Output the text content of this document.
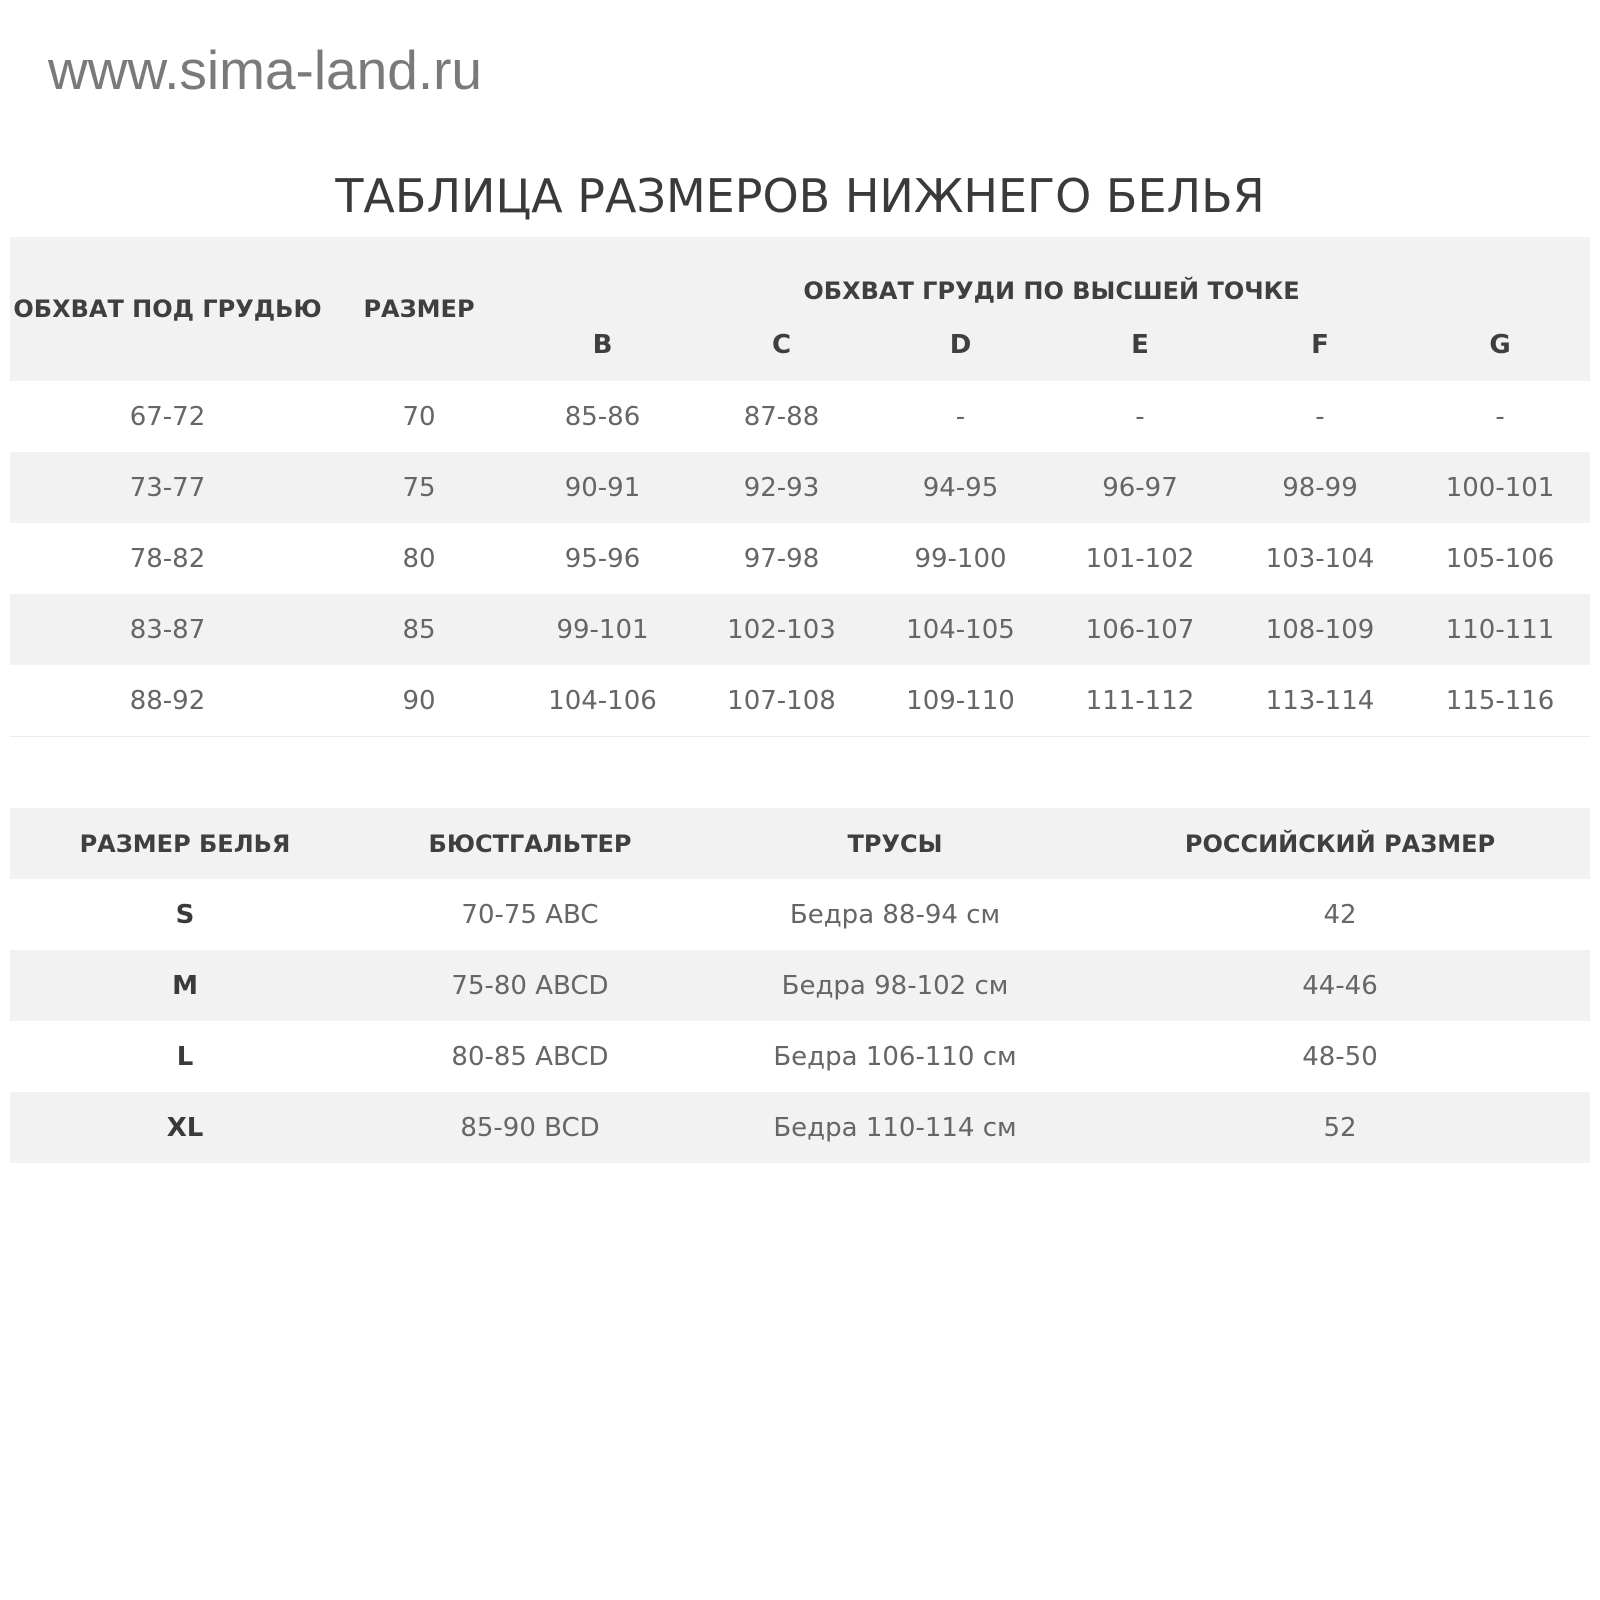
www.sima-land.ru
ТАБЛИЦА РАЗМЕРОВ НИЖНЕГО БЕЛЬЯ
ОБХВАТ ПОД ГРУДЬЮ	РАЗМЕР	ОБХВАТ ГРУДИ ПО ВЫСШЕЙ ТОЧКЕ					
		B	C	D	E	F	G
67-72	70	85-86	87-88	-	-	-	-
73-77	75	90-91	92-93	94-95	96-97	98-99	100-101
78-82	80	95-96	97-98	99-100	101-102	103-104	105-106
83-87	85	99-101	102-103	104-105	106-107	108-109	110-111
88-92	90	104-106	107-108	109-110	111-112	113-114	115-116
РАЗМЕР БЕЛЬЯ	БЮСТГАЛЬТЕР	ТРУСЫ	РОССИЙСКИЙ РАЗМЕР
S	70-75 ABC	Бедра 88-94 см	42
M	75-80 ABCD	Бедра 98-102 см	44-46
L	80-85 ABCD	Бедра 106-110 см	48-50
XL	85-90 BCD	Бедра 110-114 см	52
